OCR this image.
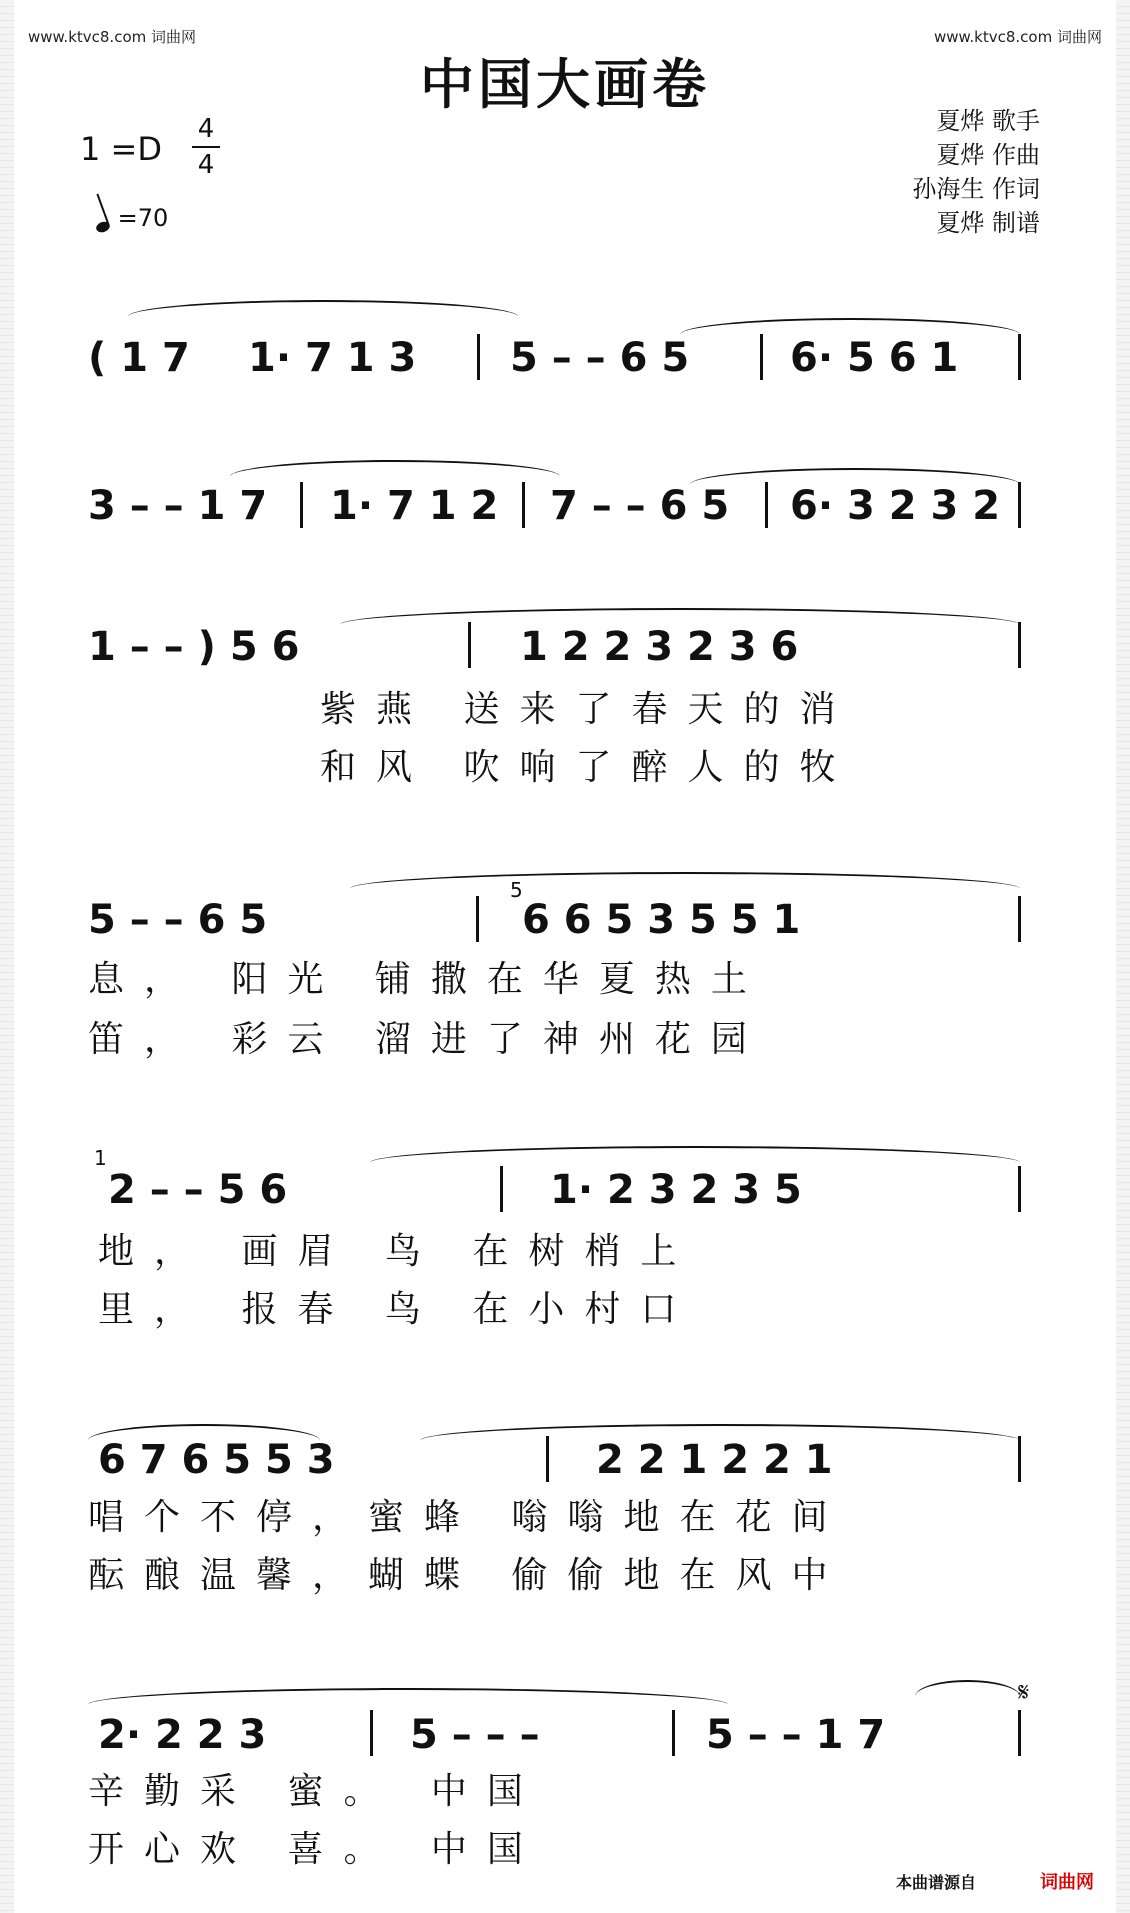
www.ktvc8.com 词曲网	www.ktvc8.com 词曲网
中国大画卷
1 =D
4
4
=70
夏烨 歌手
夏烨 作曲
孙海生 作词
夏烨 制谱
( 1 7 1· 7 1 3 5 – – 6 5	6· 5 6 1
3 – – 1 7 1· 7 1 2 7 – – 6 5 6· 3 2 3 2
1 – – ) 5 6	1 2 2 3 2 3 6
紫燕 送来了春天的消
和风 吹响了醉人的牧
5 – – 6 5
5
6 6 5 3 5 5 1
息， 阳光 铺撒在华夏热土
笛， 彩云 溜进了神州花园
1
2 – – 5 6	1· 2 3 2 3 5
地， 画眉 鸟 在树梢上
里， 报春 鸟 在小村口
6 7 6 5 5 3	2 2 1 2 2 1
唱个不停，蜜蜂 嗡嗡地在花间
酝酿温馨，蝴蝶 偷偷地在风中
2· 2 2 3	5 – – –	5 – – 1 7
𝄋
辛勤采 蜜。 中国
开心欢 喜。 中国
本曲谱源自	词曲网
